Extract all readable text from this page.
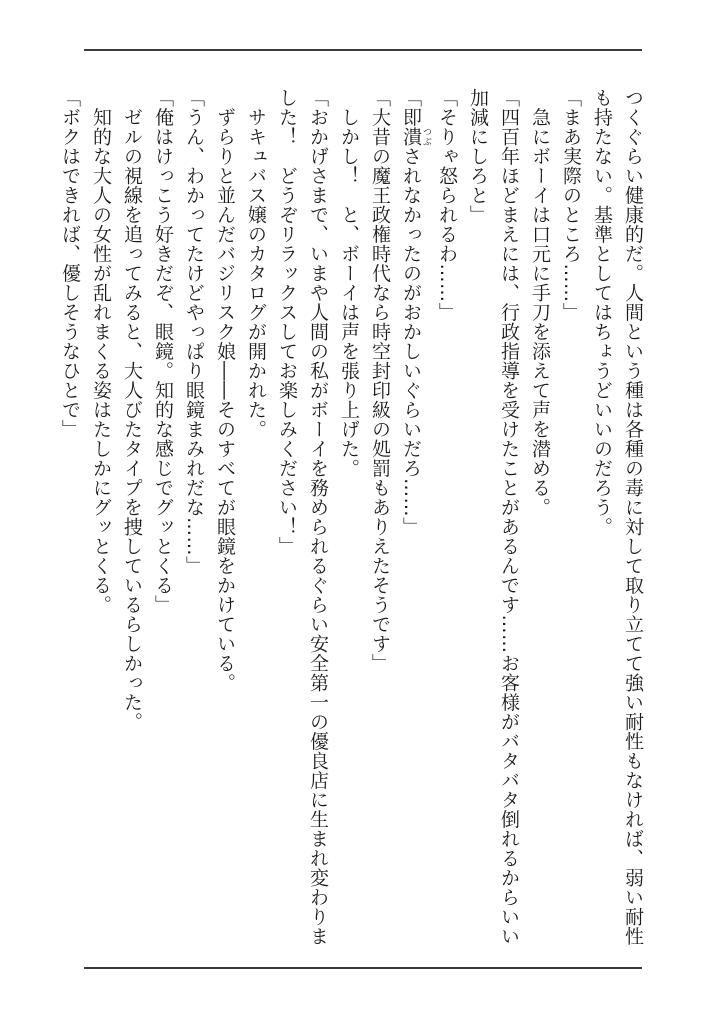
つくぐらい健康的だ。人間という種は各種の毒に対して取り立てて強い耐性もなければ、弱い耐性
も持たない。基準としてはちょうどいいのだろう。
「まあ実際のところ……」
　急にボーイは口元に手刀を添えて声を潜める。
「四百年ほどまえには、行政指導を受けたことがあるんです……お客様がバタバタ倒れるからいい
加減にしろと」
「そりゃ怒られるわ……」
「即潰 つぶされなかったのがおかしいぐらいだろ……」
「大昔の魔王政権時代なら時空封印級の処罰もありえたそうです」
　しかし！　と、ボーイは声を張り上げた。
「おかげさまで、いまや人間の私がボーイを務められるぐらい安全第一の優良店に生まれ変わりま
した！　どうぞリラックスしてお楽しみください！」
　サキュバス嬢のカタログが開かれた。
　ずらりと並んだバジリスク娘――そのすべてが眼鏡をかけている。
「うん、わかってたけどやっぱり眼鏡まみれだな……」
「俺はけっこう好きだぞ、眼鏡。知的な感じでグッとくる」
　ゼルの視線を追ってみると、大人びたタイプを捜しているらしかった。
　知的な大人の女性が乱れまくる姿はたしかにグッとくる。
「ボクはできれば、優しそうなひとで」
